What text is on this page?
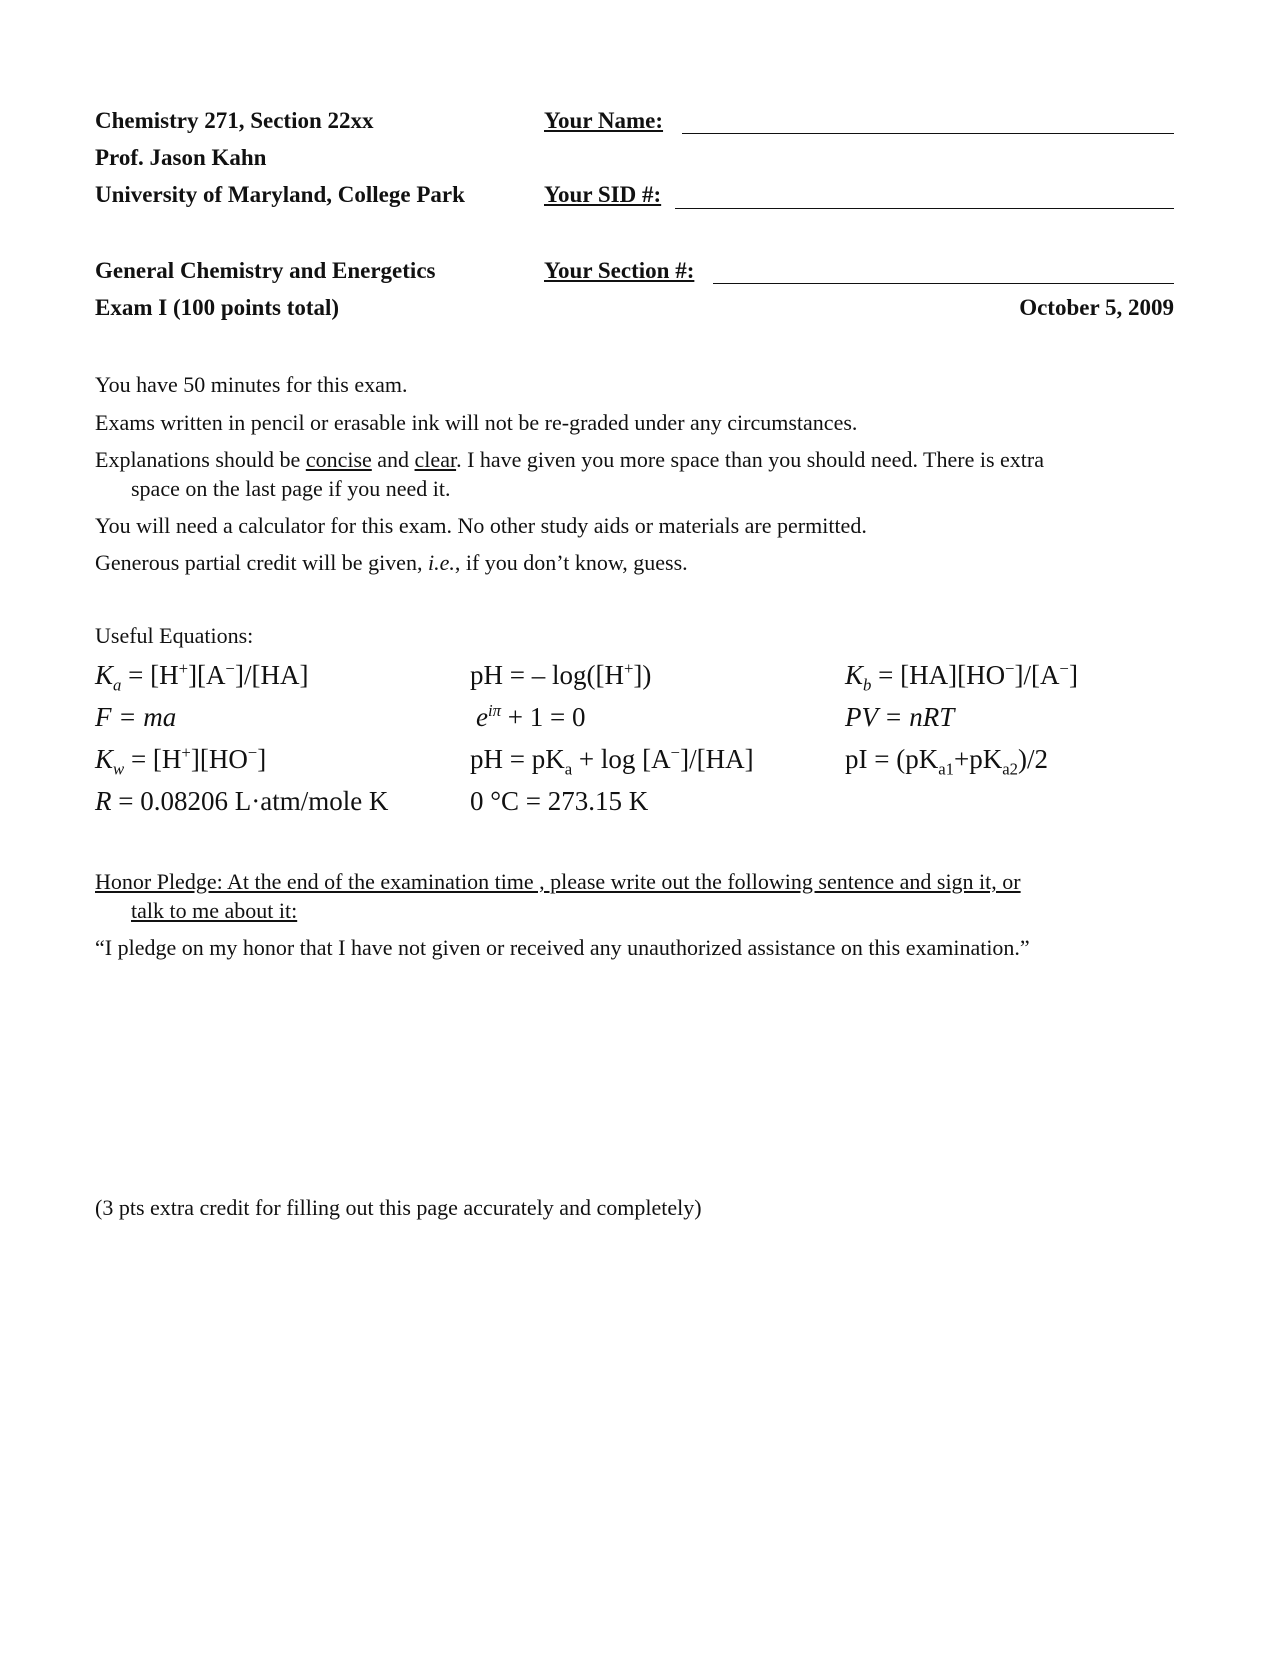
Chemistry 271, Section 22xx
Prof. Jason Kahn
University of Maryland, College Park
General Chemistry and Energetics
Exam I (100 points total)	October 5, 2009
Your Name:
Your SID #:
Your Section #:
You have 50 minutes for this exam.
Exams written in pencil or erasable ink will not be re-graded under any circumstances.
Explanations should be concise and clear. I have given you more space than you should need. There is extra
space on the last page if you need it.
You will need a calculator for this exam. No other study aids or materials are permitted.
Generous partial credit will be given, i.e., if you don’t know, guess.
Useful Equations:
$K_a = [H^+][A^-]/[HA]$	pH = – log([H+])	$K_b = [HA][HO^-]/[A^-]$
F = ma	$e^{i\pi} + 1 = 0$	PV = nRT
$K_w = [H^+][HO^-]$	pH = $pK_a + \log [A^-]/[HA]$	pI = $(pK_{a1}+pK_{a2})/2$
R = 0.08206 L·atm/mole K	0 °C = 273.15 K
Honor Pledge: At the end of the examination time , please write out the following sentence and sign it, or
talk to me about it:
“I pledge on my honor that I have not given or received any unauthorized assistance on this examination.”
(3 pts extra credit for filling out this page accurately and completely)
